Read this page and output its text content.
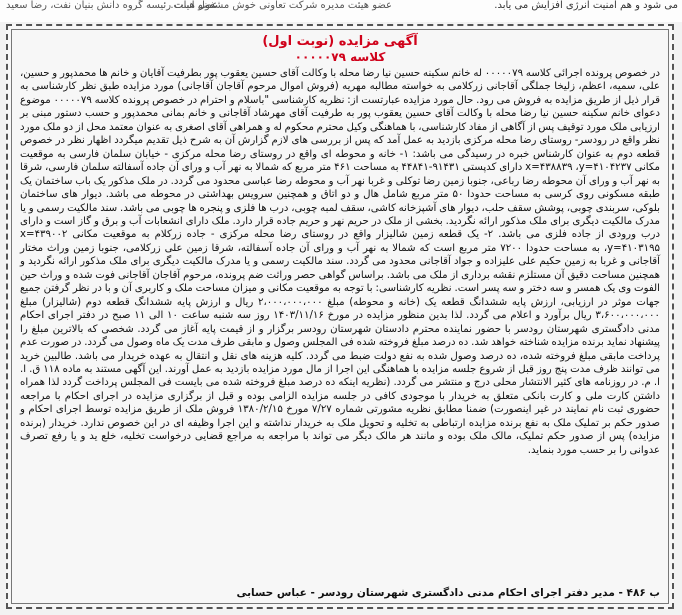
می شود و هم امنیت انرژی افزایش می یابد.
عضو هیئت مدیره شرکت تعاونی خوش مشغول است.
عضو هیات رئیسه گروه دانش بنیان نفت، رضا سعید

آگهی مزایده (نوبت اول)

کلاسه ۰۰۰۰۰۷۹

در خصوص پرونده اجرائی کلاسه ۰۰۰۰۰۷۹ له خانم سکینه حسین نیا رضا محله با وکالت آقای حسین یعقوب پور بطرفیت آقایان و خانم ها محمدپور و حسین، علی، سمیه، اعظم، زلیخا جملگی آقاجانی زرکلامی به خواسته مطالبه مهریه (فروش اموال مرحوم آقاجان آقاجانی) مورد مزایده طبق نظر کارشناسی به قرار ذیل از طریق مزایده به فروش می رود. حال مورد مزایده عبارتست از: نظریه کارشناسی "باسلام و احترام در خصوص پرونده کلاسه ۰۰۰۰۰۷۹ موضوع دعوای خانم سکینه حسین نیا رضا محله با وکالت آقای حسین یعقوب پور به طرفیت آقای مهرشاد آقاجانی و خانم بمانی محمدپور و حسب دستور مبنی بر ارزیابی ملک مورد توقیف پس از آگاهی از مفاد کارشناسی، با هماهنگی وکیل محترم محکوم له و همراهی آقای اصغری به عنوان معتمد محل از دو ملک مورد نظر واقع در رودسر- روستای رضا محله مرکزی بازدید به عمل آمد که پس از بررسی های لازم گزارش آن به شرح ذیل تقدیم میگردد اظهار نظر در خصوص قطعه دوم به عنوان کارشناس خبره در رسیدگی می باشد: ۱- خانه و محوطه ای واقع در روستای رضا محله مرکزی - خیابان سلمان فارسی به موقعیت مکانی x=۴۳۸۸۳۹ ،y=۴۱۰۴۲۳۷ دارای کدپستی ۹۱۴۳۱-۴۴۸۴۱ به مساحت ۴۶۱ متر مربع که شمالا به نهر آب و ورای آن جاده آسفالته سلمان فارسی، شرقا به نهر آب و ورای آن محوطه رضا رباعی، جنوبا زمین رضا توکلی و غربا نهر آب و محوطه رضا عباسی محدود می گردد. در ملک مذکور یک باب ساختمان یک طبقه مسکونی روی کرسی به مساحت حدودا ۵۰ متر مربع شامل هال و دو اتاق و همچنین سرویس بهداشتی در محوطه می باشد. دیوار های ساختمان بلوکی، سربندی چوبی، پوشش سقف حلب، دیوار های آشپزخانه کاشی، سقف لمبه چوبی، درب ها فلزی و پنجره ها چوبی می باشد. سند مالکیت رسمی و یا مدرک مالکیت دیگری برای ملک مذکور ارائه نگردید. بخشی از ملک در حریم نهر و حریم جاده قرار دارد. ملک دارای انشعابات آب و برق و گاز است و دارای درب ورودی از جاده فلزی می باشد. ۲- یک قطعه زمین شالیزار واقع در روستای رضا محله مرکزی - جاده زرکلام به موقعیت مکانی x=۴۳۹۰۰۲ ،y=۴۱۰۳۱۹۵ به مساحت حدودا ۷۲۰۰ متر مربع است که شمالا به نهر آب و ورای آن جاده آسفالته، شرقا زمین علی زرکلامی، جنوبا زمین وراث مختار آقاجانی و غربا به زمین حکیم علی علیزاده و جواد آقاجانی محدود می گردد. سند مالکیت رسمی و یا مدرک مالکیت دیگری برای ملک مذکور ارائه نگردید و همچنین مساحت دقیق آن مستلزم نقشه برداری از ملک می باشد. براساس گواهی حصر وراثت ضم پرونده، مرحوم آقاجان آقاجانی فوت شده و وراث حین الفوت وی یک همسر و سه دختر و سه پسر است. نظریه کارشناسی: با توجه به موقعیت مکانی و میزان مساحت ملک و کاربری آن و با در نظر گرفتن جمیع جهات موثر در ارزیابی، ارزش پایه ششدانگ قطعه یک (خانه و محوطه) مبلغ ۲،۰۰۰،۰۰۰،۰۰۰ ریال و ارزش پایه ششدانگ قطعه دوم (شالیزار) مبلغ ۳،۶۰۰،۰۰۰،۰۰۰ ریال برآورد و اعلام می گردد. لذا بدین منظور مزایده در مورخ ۱۴۰۳/۱۱/۱۶ روز سه شنبه ساعت ۱۰ الی ۱۱ صبح در دفتر اجرای احکام مدنی دادگستری شهرستان رودسر با حضور نماینده محترم دادستان شهرستان رودسر برگزار و از قیمت پایه آغاز می گردد. شخصی که بالاترین مبلغ را پیشنهاد نماید برنده مزایده شناخته خواهد شد. ده درصد مبلغ فروخته شده فی المجلس وصول و مابقی طرف مدت یک ماه وصول می گردد. در صورت عدم پرداخت مابقی مبلغ فروخته شده، ده درصد وصول شده به نفع دولت ضبط می گردد. کلیه هزینه های نقل و انتقال به عهده خریدار می باشد. طالبین خرید می توانند ظرف مدت پنج روز قبل از شروع جلسه مزایده با هماهنگی این اجرا از مال مورد مزایده بازدید به عمل آورند. این آگهی مستند به ماده ۱۱۸ ق. ا. ا. م. در روزنامه های کثیر الانتشار محلی درج و منتشر می گردد. (نظریه اینکه ده درصد مبلغ فروخته شده می بایست فی المجلس پرداخت گردد لذا همراه داشتن کارت ملی و کارت بانکی متعلق به خریدار با موجودی کافی در جلسه مزایده الزامی بوده و قبل از برگزاری مزایده در اجرای احکام با مراجعه حضوری ثبت نام نمایند در غیر اینصورت) ضمنا مطابق نظریه مشورتی شماره ۷/۲۷ مورخ ۱۳۸۰/۲/۱۵ فروش ملک از طریق مزایده توسط اجرای احکام و صدور حکم بر تملیک ملک به نفع برنده مزایده ارتباطی به تخلیه و تحویل ملک به خریدار نداشته و این اجرا وظیفه ای در این خصوص ندارد. خریدار (برنده مزایده) پس از صدور حکم تملیک، مالک ملک بوده و مانند هر مالک دیگر می تواند با مراجعه به مراجع قضایی درخواست تخلیه، خلع ید و یا رفع تصرف عدوانی را بر حسب مورد بنماید.

ب ۴۸۶ - مدیر دفتر اجرای احکام مدنی دادگستری شهرستان رودسر - عباس حسابی
